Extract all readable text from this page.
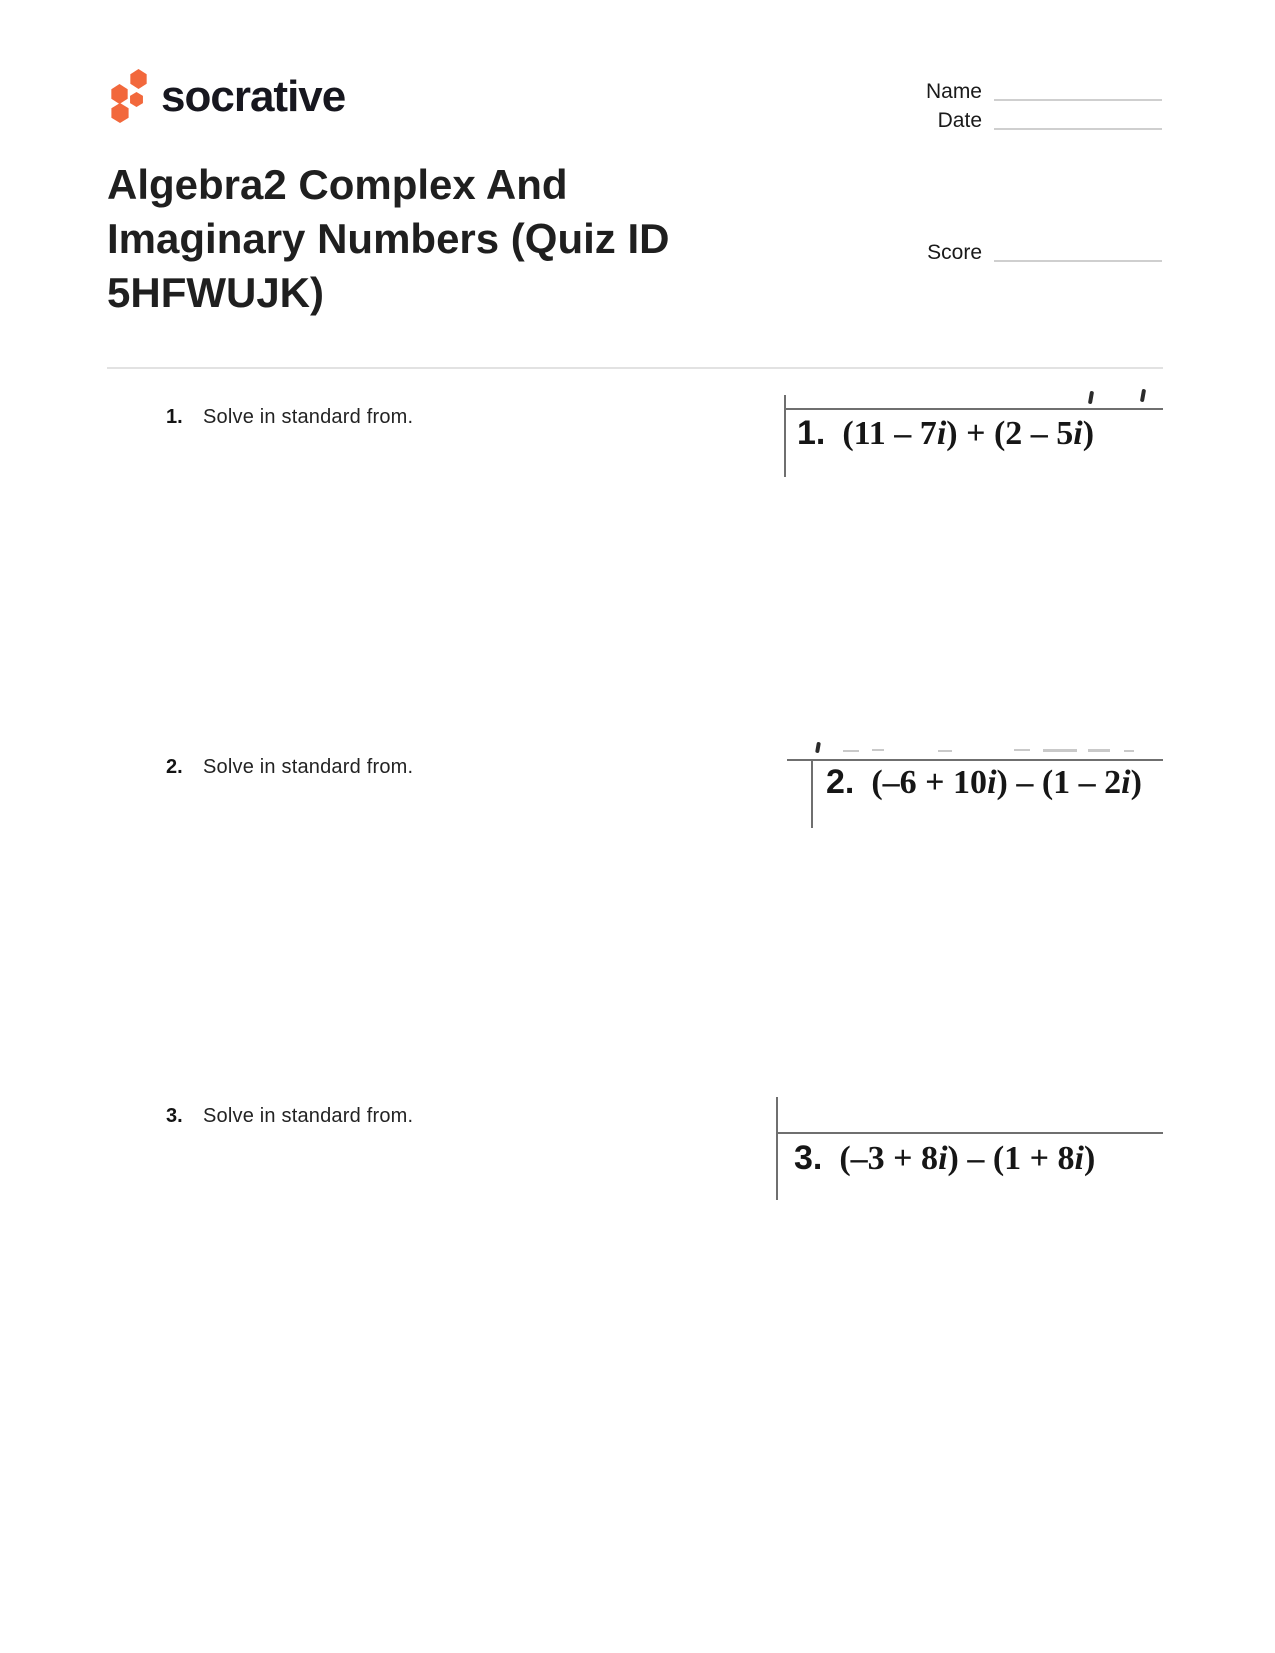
socrative	Name
Date
Score
Algebra2 Complex And Imaginary Numbers (Quiz ID 5HFWUJK)
1. Solve in standard from.	1. (11 – 7i) + (2 – 5i)
2. Solve in standard from.	2. (–6 + 10i) – (1 – 2i)
3. Solve in standard from.
3. (–3 + 8i) – (1 + 8i)
